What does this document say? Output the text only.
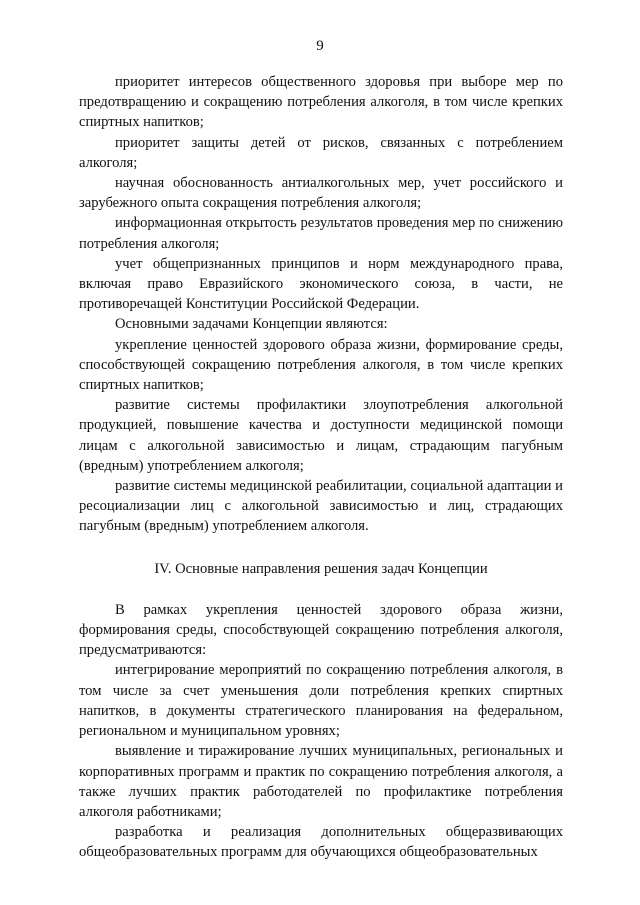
9

приоритет интересов общественного здоровья при выборе мер по предотвращению и сокращению потребления алкоголя, в том числе крепких спиртных напитков;

приоритет защиты детей от рисков, связанных с потреблением алкоголя;

научная обоснованность антиалкогольных мер, учет российского и зарубежного опыта сокращения потребления алкоголя;

информационная открытость результатов проведения мер по снижению потребления алкоголя;

учет общепризнанных принципов и норм международного права, включая право Евразийского экономического союза, в части, не противоречащей Конституции Российской Федерации.

Основными задачами Концепции являются:

укрепление ценностей здорового образа жизни, формирование среды, способствующей сокращению потребления алкоголя, в том числе крепких спиртных напитков;

развитие системы профилактики злоупотребления алкогольной продукцией, повышение качества и доступности медицинской помощи лицам с алкогольной зависимостью и лицам, страдающим пагубным (вредным) употреблением алкоголя;

развитие системы медицинской реабилитации, социальной адаптации и ресоциализации лиц с алкогольной зависимостью и лиц, страдающих пагубным (вредным) употреблением алкоголя.

IV. Основные направления решения задач Концепции

В рамках укрепления ценностей здорового образа жизни, формирования среды, способствующей сокращению потребления алкоголя, предусматриваются:

интегрирование мероприятий по сокращению потребления алкоголя, в том числе за счет уменьшения доли потребления крепких спиртных напитков, в документы стратегического планирования на федеральном, региональном и муниципальном уровнях;

выявление и тиражирование лучших муниципальных, региональных и корпоративных программ и практик по сокращению потребления алкоголя, а также лучших практик работодателей по профилактике потребления алкоголя работниками;

разработка и реализация дополнительных общеразвивающих общеобразовательных программ для обучающихся общеобразовательных
